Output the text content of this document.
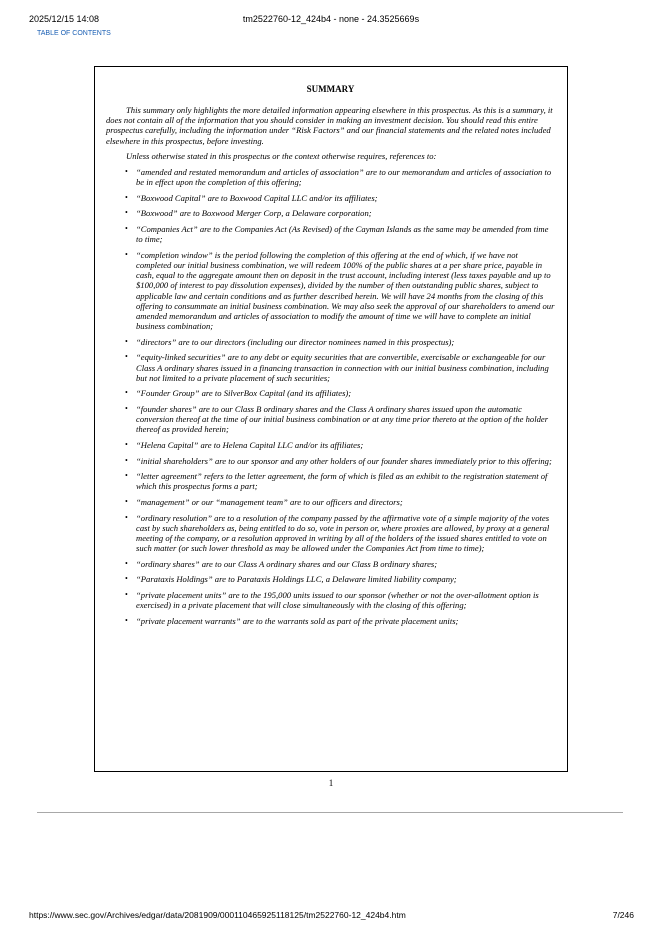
2025/12/15 14:08	tm2522760-12_424b4 - none - 24.3525669s
TABLE OF CONTENTS
SUMMARY

This summary only highlights the more detailed information appearing elsewhere in this prospectus. As this is a summary, it does not contain all of the information that you should consider in making an investment decision. You should read this entire prospectus carefully, including the information under “Risk Factors” and our financial statements and the related notes included elsewhere in this prospectus, before investing.

Unless otherwise stated in this prospectus or the context otherwise requires, references to:

• “amended and restated memorandum and articles of association” are to our memorandum and articles of association to be in effect upon the completion of this offering;
• “Boxwood Capital” are to Boxwood Capital LLC and/or its affiliates;
• “Boxwood” are to Boxwood Merger Corp, a Delaware corporation;
• “Companies Act” are to the Companies Act (As Revised) of the Cayman Islands as the same may be amended from time to time;
• “completion window” is the period following the completion of this offering at the end of which, if we have not completed our initial business combination, we will redeem 100% of the public shares at a per share price, payable in cash, equal to the aggregate amount then on deposit in the trust account, including interest (less taxes payable and up to $100,000 of interest to pay dissolution expenses), divided by the number of then outstanding public shares, subject to applicable law and certain conditions and as further described herein. We will have 24 months from the closing of this offering to consummate an initial business combination. We may also seek the approval of our shareholders to amend our amended memorandum and articles of association to modify the amount of time we will have to complete an initial business combination;
• “directors” are to our directors (including our director nominees named in this prospectus);
• “equity-linked securities” are to any debt or equity securities that are convertible, exercisable or exchangeable for our Class A ordinary shares issued in a financing transaction in connection with our initial business combination, including but not limited to a private placement of such securities;
• “Founder Group” are to SilverBox Capital (and its affiliates);
• “founder shares” are to our Class B ordinary shares and the Class A ordinary shares issued upon the automatic conversion thereof at the time of our initial business combination or at any time prior thereto at the option of the holder thereof as provided herein;
• “Helena Capital” are to Helena Capital LLC and/or its affiliates;
• “initial shareholders” are to our sponsor and any other holders of our founder shares immediately prior to this offering;
• “letter agreement” refers to the letter agreement, the form of which is filed as an exhibit to the registration statement of which this prospectus forms a part;
• “management” or our “management team” are to our officers and directors;
• “ordinary resolution” are to a resolution of the company passed by the affirmative vote of a simple majority of the votes cast by such shareholders as, being entitled to do so, vote in person or, where proxies are allowed, by proxy at a general meeting of the company, or a resolution approved in writing by all of the holders of the issued shares entitled to vote on such matter (or such lower threshold as may be allowed under the Companies Act from time to time);
• “ordinary shares” are to our Class A ordinary shares and our Class B ordinary shares;
• “Parataxis Holdings” are to Parataxis Holdings LLC, a Delaware limited liability company;
• “private placement units” are to the 195,000 units issued to our sponsor (whether or not the over-allotment option is exercised) in a private placement that will close simultaneously with the closing of this offering;
• “private placement warrants” are to the warrants sold as part of the private placement units;
1
https://www.sec.gov/Archives/edgar/data/2081909/000110465925118125/tm2522760-12_424b4.htm	7/246
